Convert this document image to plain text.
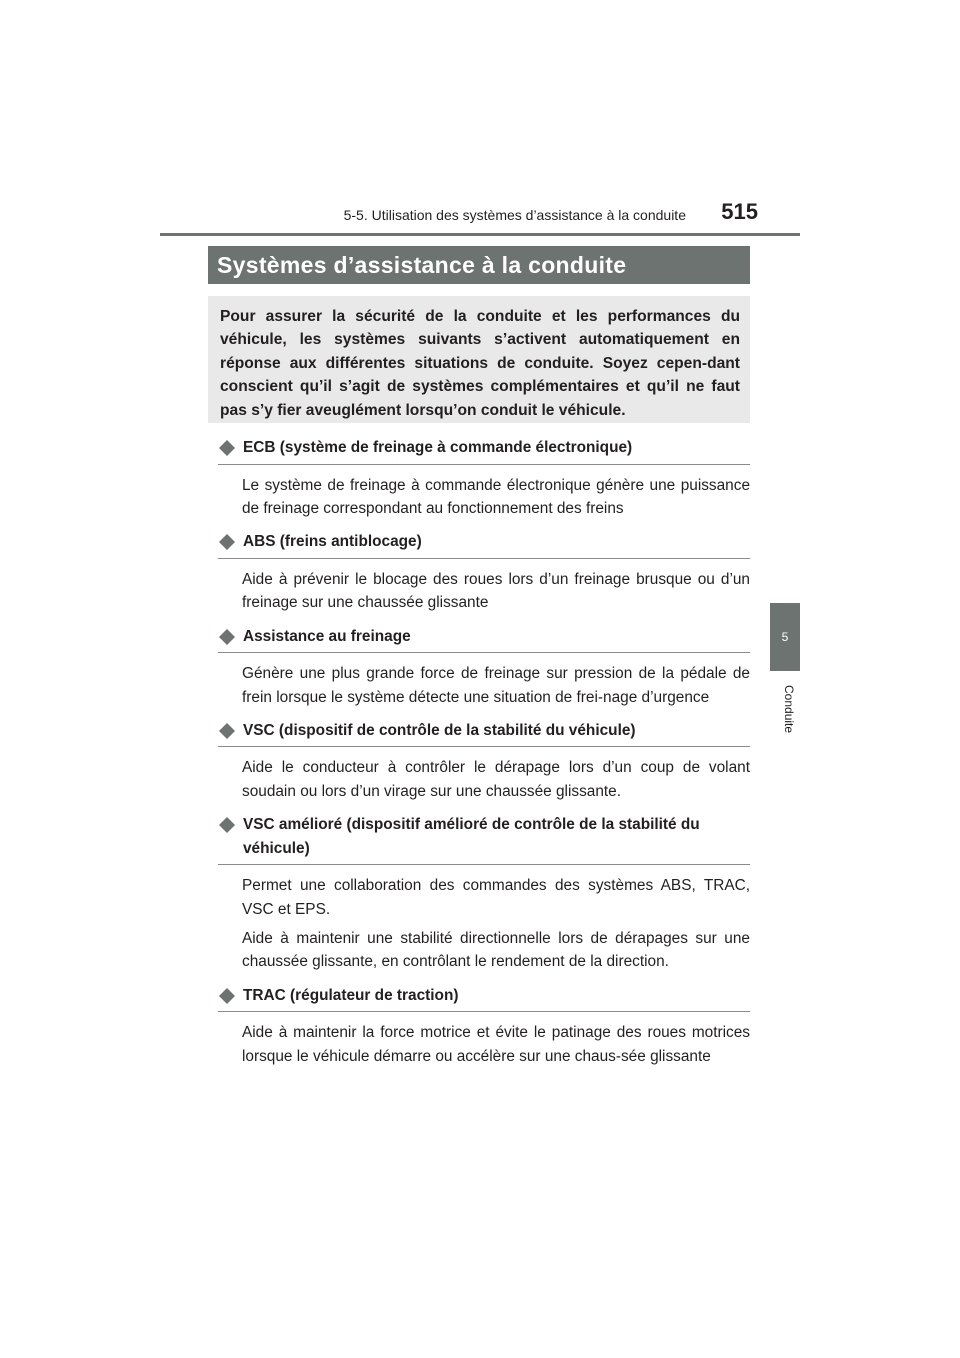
5-5. Utilisation des systèmes d’assistance à la conduite	515
Systèmes d’assistance à la conduite
Pour assurer la sécurité de la conduite et les performances du véhicule, les systèmes suivants s’activent automatiquement en réponse aux différentes situations de conduite. Soyez cepen-dant conscient qu’il s’agit de systèmes complémentaires et qu’il ne faut pas s’y fier aveuglément lorsqu’on conduit le véhicule.
5
Conduite
ECB (système de freinage à commande électronique)
Le système de freinage à commande électronique génère une puissance de freinage correspondant au fonctionnement des freins
ABS (freins antiblocage)
Aide à prévenir le blocage des roues lors d’un freinage brusque ou d’un freinage sur une chaussée glissante
Assistance au freinage
Génère une plus grande force de freinage sur pression de la pédale de frein lorsque le système détecte une situation de frei-nage d’urgence
VSC (dispositif de contrôle de la stabilité du véhicule)
Aide le conducteur à contrôler le dérapage lors d’un coup de volant soudain ou lors d’un virage sur une chaussée glissante.
VSC amélioré (dispositif amélioré de contrôle de la stabilité du véhicule)
Permet une collaboration des commandes des systèmes ABS, TRAC, VSC et EPS.
Aide à maintenir une stabilité directionnelle lors de dérapages sur une chaussée glissante, en contrôlant le rendement de la direction.
TRAC (régulateur de traction)
Aide à maintenir la force motrice et évite le patinage des roues motrices lorsque le véhicule démarre ou accélère sur une chaus-sée glissante
